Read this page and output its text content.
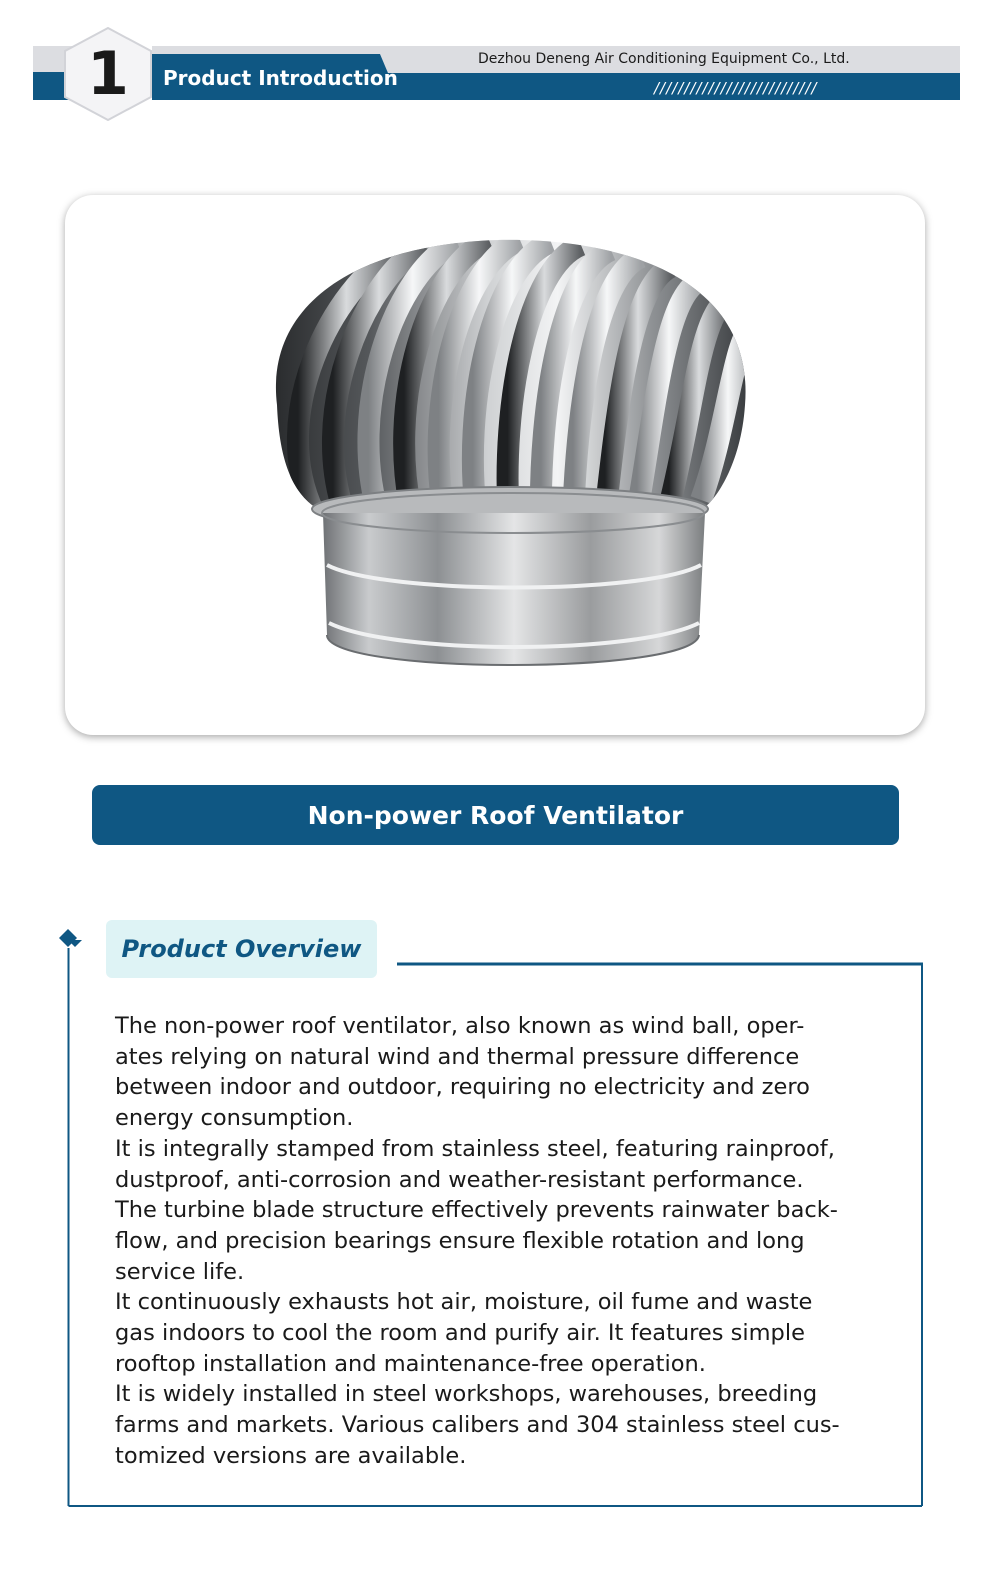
1	Product Introduction
Dezhou Deneng Air Conditioning Equipment Co., Ltd.
///////////////////////////
Non-power Roof Ventilator
Product Overview
The non-power roof ventilator, also known as wind ball, oper-
ates relying on natural wind and thermal pressure difference
between indoor and outdoor, requiring no electricity and zero
energy consumption.
It is integrally stamped from stainless steel, featuring rainproof,
dustproof, anti-corrosion and weather-resistant performance.
The turbine blade structure effectively prevents rainwater back-
flow, and precision bearings ensure flexible rotation and long
service life.
It continuously exhausts hot air, moisture, oil fume and waste
gas indoors to cool the room and purify air. It features simple
rooftop installation and maintenance-free operation.
It is widely installed in steel workshops, warehouses, breeding
farms and markets. Various calibers and 304 stainless steel cus-
tomized versions are available.
